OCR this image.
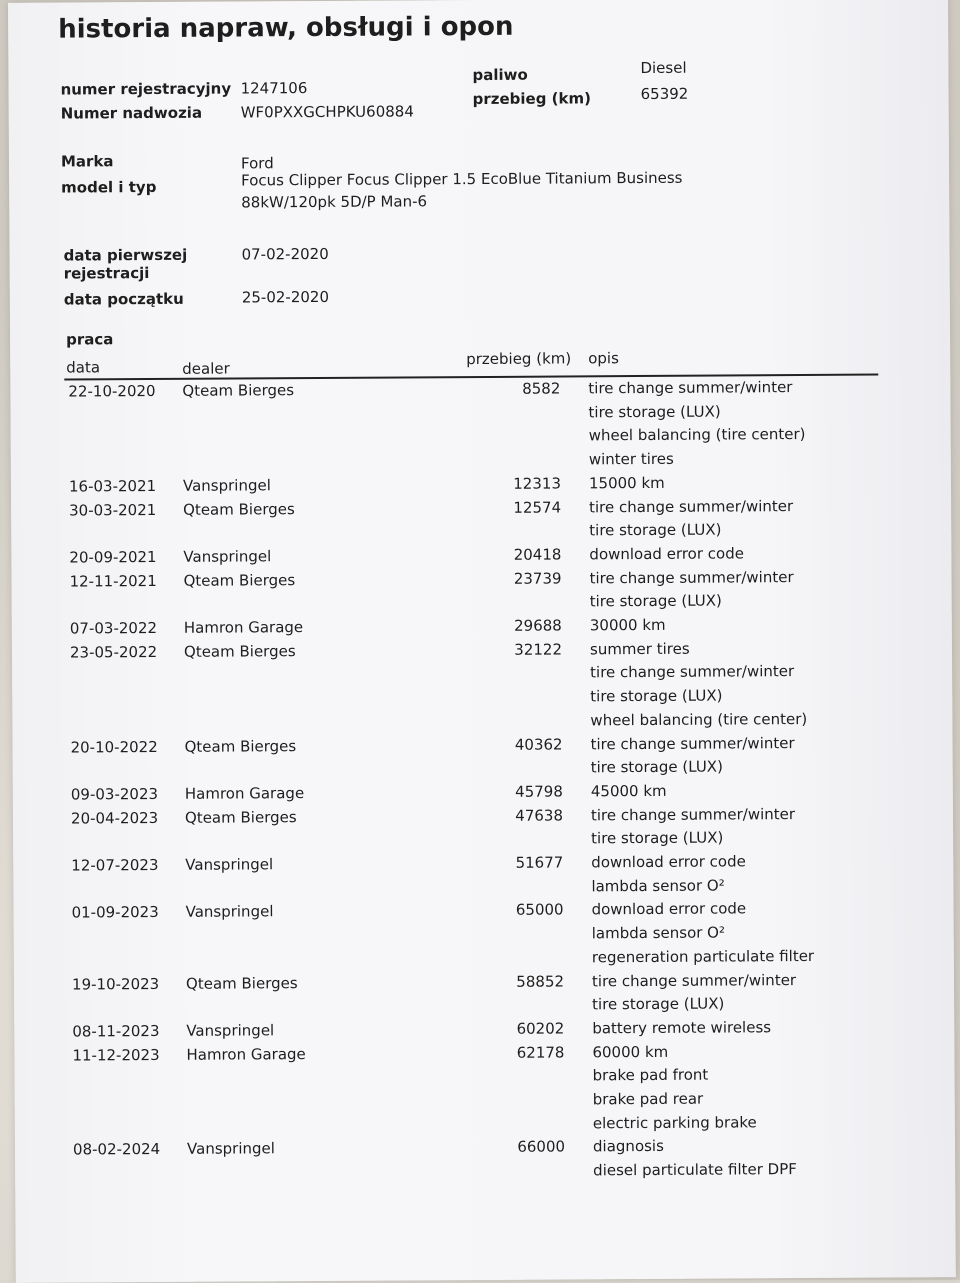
historia napraw, obsługi i opon
numer rejestracyjny 1247106
Numer nadwozia	WF0PXXGCHPKU60884
paliwo	Diesel
przebieg (km)	65392
Marka	Ford
model i typ	Focus Clipper Focus Clipper 1.5 EcoBlue Titanium Business
88kW/120pk 5D/P Man-6
data pierwszej
rejestracji
07-02-2020
data początku	25-02-2020
praca
data	dealer
przebieg (km) opis
22-10-2020 Qteam Bierges	8582 tire change summer/winter
tire storage (LUX)
wheel balancing (tire center)
winter tires
16-03-2021 Vanspringel	12313 15000 km
30-03-2021 Qteam Bierges	12574 tire change summer/winter
tire storage (LUX)
20-09-2021 Vanspringel	20418 download error code
12-11-2021 Qteam Bierges	23739 tire change summer/winter
tire storage (LUX)
07-03-2022 Hamron Garage	29688 30000 km
23-05-2022 Qteam Bierges	32122 summer tires
tire change summer/winter
tire storage (LUX)
wheel balancing (tire center)
20-10-2022 Qteam Bierges	40362 tire change summer/winter
tire storage (LUX)
09-03-2023 Hamron Garage	45798 45000 km
20-04-2023 Qteam Bierges	47638 tire change summer/winter
tire storage (LUX)
12-07-2023 Vanspringel	51677 download error code
lambda sensor O²
01-09-2023 Vanspringel	65000 download error code
lambda sensor O²
regeneration particulate filter
19-10-2023 Qteam Bierges	58852 tire change summer/winter
tire storage (LUX)
08-11-2023 Vanspringel	60202 battery remote wireless
11-12-2023 Hamron Garage	62178 60000 km
brake pad front
brake pad rear
electric parking brake
08-02-2024 Vanspringel	66000 diagnosis
diesel particulate filter DPF
